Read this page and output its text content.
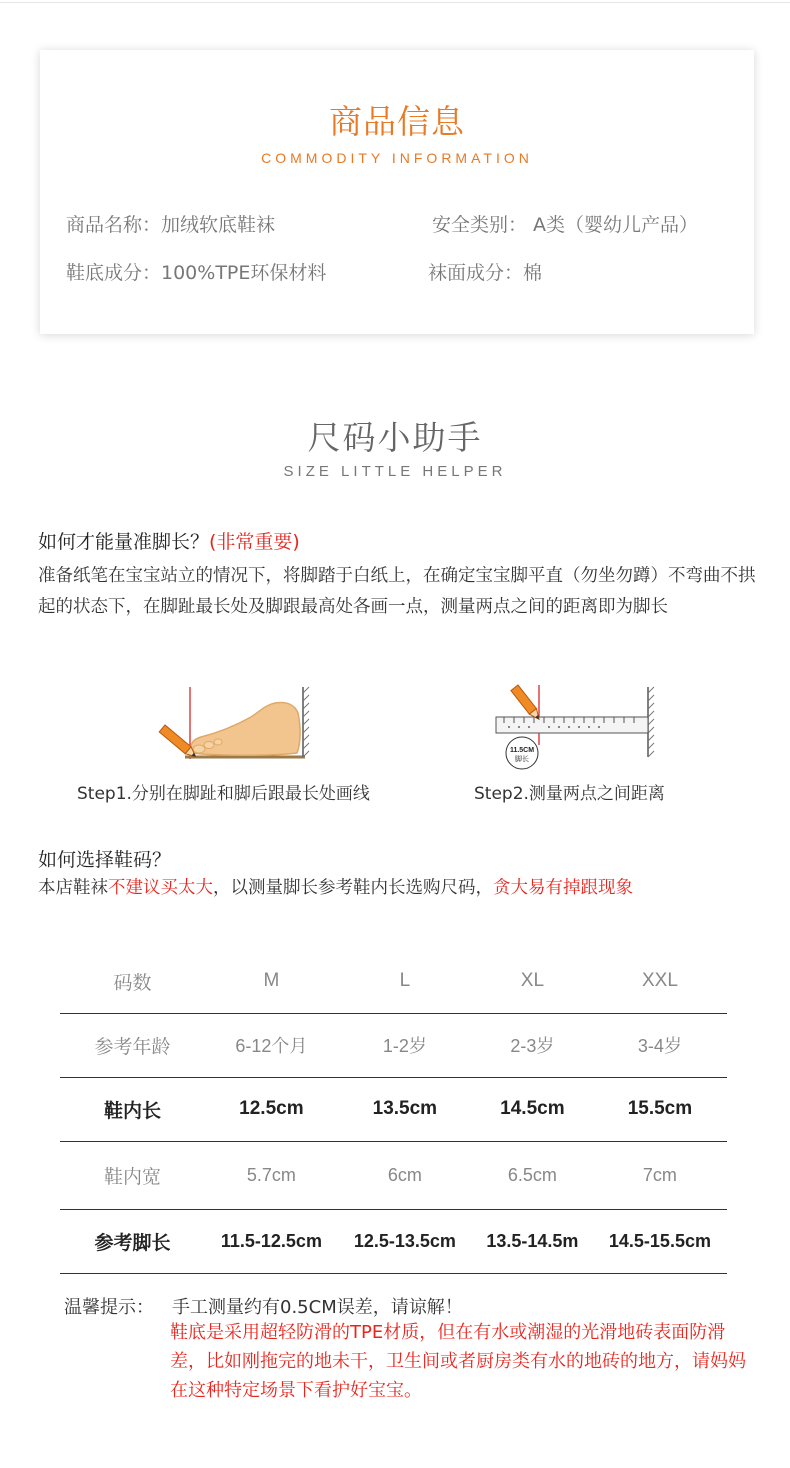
商品信息
COMMODITY INFORMATION
商品名称：加绒软底鞋袜	安全类别： A类（婴幼儿产品）
鞋底成分：100%TPE环保材料	袜面成分：棉
尺码小助手
SIZE LITTLE HELPER
如何才能量准脚长？(非常重要)
准备纸笔在宝宝站立的情况下，将脚踏于白纸上，在确定宝宝脚平直（勿坐勿蹲）不弯曲不拱起的状态下，在脚趾最长处及脚跟最高处各画一点，测量两点之间的距离即为脚长
11.5CM
脚长
Step1.分别在脚趾和脚后跟最长处画线	Step2.测量两点之间距离
如何选择鞋码？
本店鞋袜不建议买太大，以测量脚长参考鞋内长选购尺码，贪大易有掉跟现象
码数	M	L	XL	XXL
参考年龄	6-12个月	1-2岁	2-3岁	3-4岁
鞋内长	12.5cm	13.5cm	14.5cm	15.5cm
鞋内宽	5.7cm	6cm	6.5cm	7cm
参考脚长	11.5-12.5cm	12.5-13.5cm	13.5-14.5m	14.5-15.5cm
温馨提示： 手工测量约有0.5CM误差，请谅解！
鞋底是采用超轻防滑的TPE材质，但在有水或潮湿的光滑地砖表面防滑差，比如刚拖完的地未干，卫生间或者厨房类有水的地砖的地方，请妈妈在这种特定场景下看护好宝宝。
